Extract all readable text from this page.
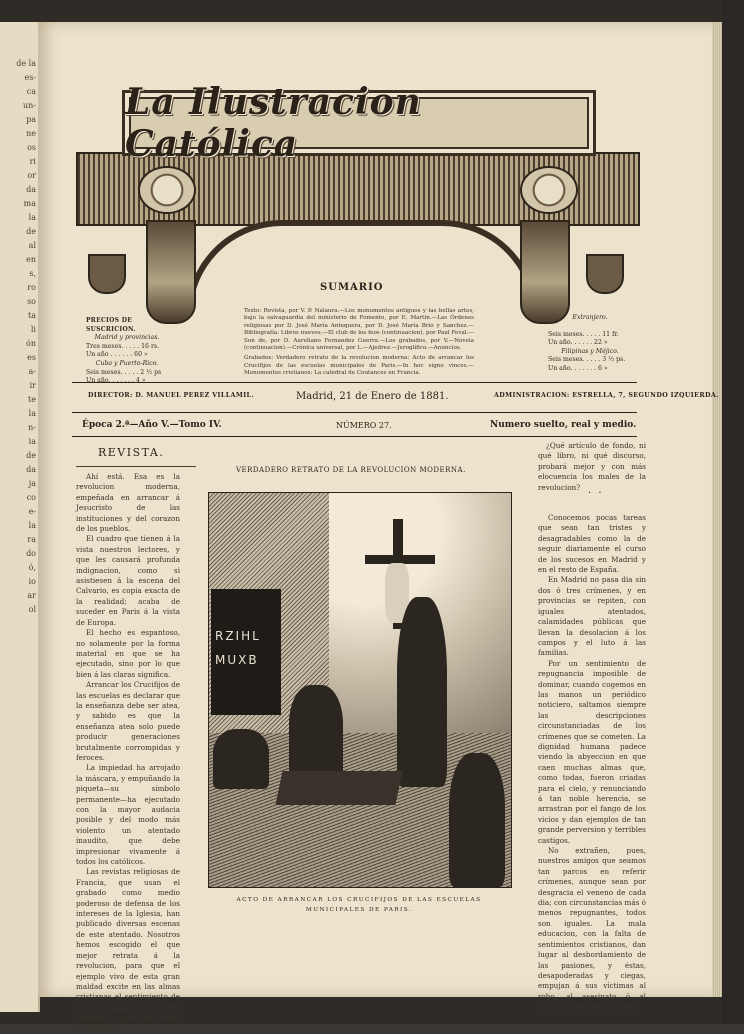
de la
es-
ca
un-
pa
ne
os
ri
or
da
ma
la
de
al
en
s,
ro
so
ta
li
ón
es
a-
ir
te
la
n-
ia
de
da
ja
co
e-
la
ra
do
ó,
io
ar
ol
La Ilustracion Católica
SUMARIO

Texto: Revista, por V. P. Nalaura.—Los monumentos antiguos y las bellas artes, bajo la salvaguardia del ministerio de Fomento, por E. Martin.—Las Órdenes religiosas por D. José María Antequera, por D. José María Brio y Sanchez.—Bibliografía: Libros nuevos.—El club de los feos (continuacion), por Paul Feval.—Son de, por D. Aureliano Fernandez Guerra.—Los grabados, por V.—Novela (continuacion).—Crónica universal, por L.—Ajedrez.—Jeroglífico.—Anuncios.

Grabados: Verdadero retrato de la revolucion moderna: Acto de arrancar los Crucifijos de las escuelas municipales de Paris.—In hoc signo vinces.—Monumentos cristianos: La catedral de Coutances en Francia.

PRECIOS DE SUSCRICION.
Madrid y provincias.
Tres meses. . . . . 16 rs.
Un año . . . . . . 60 »
Cuba y Puerto-Rico.
Seis meses. . . . . 2 ½ ps
Un año. . . . . . . 4 »
Extranjero.
Seis meses. . . . . 11 fr.
Un año. . . . . . 22 »
Filipinas y Méjico.
Seis meses. . . . . 3 ½ ps.
Un año. . . . . . . 6 »
DIRECTOR: D. MANUEL PEREZ VILLAMIL.	Madrid, 21 de Enero de 1881.	ADMINISTRACION: ESTRELLA, 7, SEGUNDO IZQUIERDA.
Época 2.ª—Año V.—Tomo IV.	NÚMERO 27.	Numero suelto, real y medio.
REVISTA.

Ahí está. Esa es la revolucion moderna, empeñada en arrancar á Jesucristo de las instituciones y del corazon de los pueblos.

El cuadro que tienen á la vista nuestros lectores, y que les causará profunda indignacion, como si asistiesen á la escena del Calvario, es copia exacta de la realidad; acaba de suceder en Paris á la vista de Europa.

El hecho es espantoso, no solamente por la forma material en que se ha ejecutado, sino por lo que bien á las claras significa.

Arrancar los Crucifijos de las escuelas es declarar que la enseñanza debe ser atea, y sabido es que la enseñanza atea solo puede producir generaciones brutalmente corrompidas y feroces.

La impiedad ha arrojado la máscara, y empuñando la piqueta—su símbolo permanente—ha ejecutado con la mayor audacia posible y del modo más violento un atentado inaudito, que debe impresionar vivamente á todos los católicos.

Las revistas religiosas de Francia, que usan el grabado como medio poderoso de defensa de los intereses de la Iglesia, han publicado diversas escenas de este atentado. Nosotros hemos escogido el que mejor retrata á la revolucion, para que el ejemplo vivo de esta gran maldad excite en las almas cristianas el sentimiento de la fé ultrajada y promueva saludable accion en todos los buenos.

VERDADERO RETRATO DE LA REVOLUCION MODERNA.
RZIHL
MUXB
ACTO DE ARRANCAR LOS CRUCIFIJOS DE LAS ESCUELAS MUNICIPALES DE PARIS.
¿Qué artículo de fondo, ni qué libro, ni qué discurso, probará mejor y con más elocuencia los males de la revolucion?

Conocemos pocas tareas que sean tan tristes y desagradables como la de seguir diariamente el curso de los sucesos en Madrid y en el resto de España.

En Madrid no pasa dia sin dos ó tres crímenes, y en provincias se repiten, con iguales atentados, calamidades públicas que llevan la desolacion á los campos y el luto á las familias.

Por un sentimiento de repugnancia imposible de dominar, cuando cogemos en las manos un periódico noticiero, saltamos siempre las descripciones circunstanciadas de los crímenes que se cometen. La dignidad humana padece viendo la abyeccion en que caen muchas almas que, como todas, fueron criadas para el cielo, y renunciando á tan noble herencia, se arrastran por el fango de los vicios y dan ejemplos de tan grande perversion y terribles castigos.

No extrañen, pues, nuestros amigos que seamos tan parcos en referir crímenes, aunque sean por desgracia el veneno de cada dia; con circunstancias más ó menos repugnantes, todos son iguales. La mala educacion, con la falta de sentimientos cristianos, dan lugar al desbordamiento de las pasiones, y éstas, desapoderadas y ciegas, empujan á sus víctimas al robo, al asesinato ó al suicidio. Siempre lo mismo.

· ·
